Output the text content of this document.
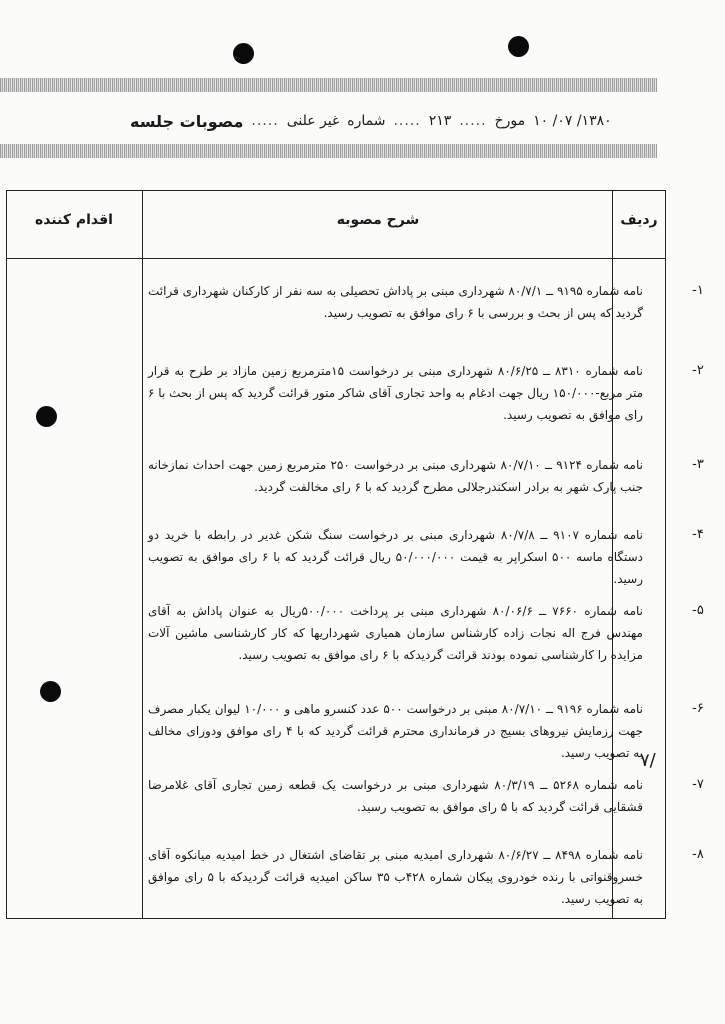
مصوبات جلسه ..... غیر علنی شماره ..... ۲۱۳ ..... مورخ ۱۳۸۰/ ۰۷/ ۱۰
ردیف
شرح مصوبه
اقدام کننده
-۱
نامه شماره ۹۱۹۵ ــ ۸۰/۷/۱ شهرداری مبنی بر پاداش تحصیلی به سه نفر از کارکنان شهرداری قرائت گردید که پس از بحث و بررسی با ۶ رای موافق به تصویب رسید.
-۲
نامه شماره ۸۳۱۰ ــ ۸۰/۶/۲۵ شهرداری مبنی بر درخواست ۱۵مترمربع زمین مازاد بر طرح به قرار متر مربع-۱۵۰/۰۰۰ ریال جهت ادغام به واحد تجاری آقای شاکر متور قرائت گردید که پس از بحث با ۶ رای موافق به تصویب رسید.
-۳
نامه شماره ۹۱۲۴ ــ ۸۰/۷/۱۰ شهرداری مبنی بر درخواست ۲۵۰ مترمربع زمین جهت احداث نمازخانه جنب پارک شهر به برادر اسکندرجلالی مطرح گردید که با ۶ رای مخالفت گردید.
-۴
نامه شماره ۹۱۰۷ ــ ۸۰/۷/۸ شهرداری مبنی بر درخواست سنگ شکن غدیر در رابطه با خرید دو دستگاه ماسه ۵۰۰ اسکراپر به قیمت ۵۰/۰۰۰/۰۰۰ ریال قرائت گردید که با ۶ رای موافق به تصویب رسید.
-۵
نامه شماره ۷۶۶۰ ــ ۸۰/۰۶/۶ شهرداری مبنی بر پرداخت ۵۰۰/۰۰۰ریال به عنوان پاداش به آقای مهندس فرج اله نجات زاده کارشناس سازمان همیاری شهرداریها که کار کارشناسی ماشین آلات مزایده را کارشناسی نموده بودند قرائت گردیدکه با ۶ رای موافق به تصویب رسید.
-۶
نامه شماره ۹۱۹۶ ــ ۸۰/۷/۱۰ مبنی بر درخواست ۵۰۰ عدد کنسرو ماهی و ۱۰/۰۰۰ لیوان یکبار مصرف جهت رزمایش نیروهای بسیج در فرمانداری محترم قرائت گردید که با ۴ رای موافق ودورای مخالف به تصویب رسید.
-۷
نامه شماره ۵۲۶۸ ــ ۸۰/۳/۱۹ شهرداری مبنی بر درخواست یک قطعه زمین تجاری آقای غلامرضا قشقایی قرائت گردید که با ۵ رای موافق به تصویب رسید.
-۸
نامه شماره ۸۴۹۸ ــ ۸۰/۶/۲۷ شهرداری امیدیه مبنی بر تقاضای اشتغال در خط امیدیه میانکوه آقای خسروقنواتی با رنده خودروی پیکان شماره ۴۲۸ب ۳۵ ساکن امیدیه قرائت گردیدکه با ۵ رای موافق به تصویب رسید.
۷/
